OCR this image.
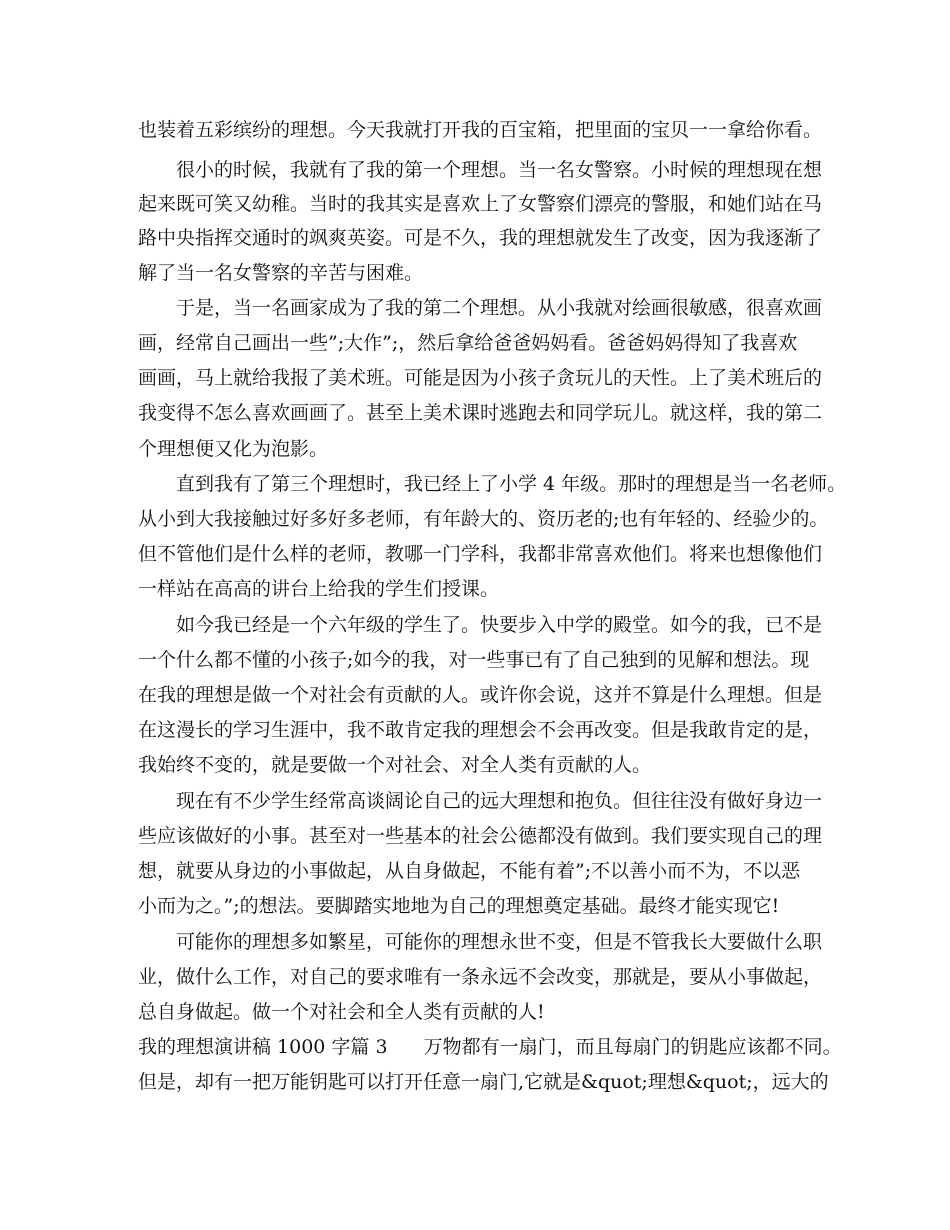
也装着五彩缤纷的理想。今天我就打开我的百宝箱，把里面的宝贝一一拿给你看。
很小的时候，我就有了我的第一个理想。当一名女警察。小时候的理想现在想
起来既可笑又幼稚。当时的我其实是喜欢上了女警察们漂亮的警服，和她们站在马
路中央指挥交通时的飒爽英姿。可是不久，我的理想就发生了改变，因为我逐渐了
解了当一名女警察的辛苦与困难。
于是，当一名画家成为了我的第二个理想。从小我就对绘画很敏感，很喜欢画
画，经常自己画出一些”;大作”;，然后拿给爸爸妈妈看。爸爸妈妈得知了我喜欢
画画，马上就给我报了美术班。可能是因为小孩子贪玩儿的天性。上了美术班后的
我变得不怎么喜欢画画了。甚至上美术课时逃跑去和同学玩儿。就这样，我的第二
个理想便又化为泡影。
直到我有了第三个理想时，我已经上了小学 4 年级。那时的理想是当一名老师。
从小到大我接触过好多好多老师，有年龄大的、资历老的;也有年轻的、经验少的。
但不管他们是什么样的老师，教哪一门学科，我都非常喜欢他们。将来也想像他们
一样站在高高的讲台上给我的学生们授课。
如今我已经是一个六年级的学生了。快要步入中学的殿堂。如今的我，已不是
一个什么都不懂的小孩子;如今的我，对一些事已有了自己独到的见解和想法。现
在我的理想是做一个对社会有贡献的人。或许你会说，这并不算是什么理想。但是
在这漫长的学习生涯中，我不敢肯定我的理想会不会再改变。但是我敢肯定的是，
我始终不变的，就是要做一个对社会、对全人类有贡献的人。
现在有不少学生经常高谈阔论自己的远大理想和抱负。但往往没有做好身边一
些应该做好的小事。甚至对一些基本的社会公德都没有做到。我们要实现自己的理
想，就要从身边的小事做起，从自身做起，不能有着”;不以善小而不为，不以恶
小而为之。”;的想法。要脚踏实地地为自己的理想奠定基础。最终才能实现它!
可能你的理想多如繁星，可能你的理想永世不变，但是不管我长大要做什么职
业，做什么工作，对自己的要求唯有一条永远不会改变，那就是，要从小事做起，
总自身做起。做一个对社会和全人类有贡献的人!
我的理想演讲稿 1000 字篇 3 万物都有一扇门，而且每扇门的钥匙应该都不同。
但是，却有一把万能钥匙可以打开任意一扇门,它就是&quot;理想&quot;，远大的
